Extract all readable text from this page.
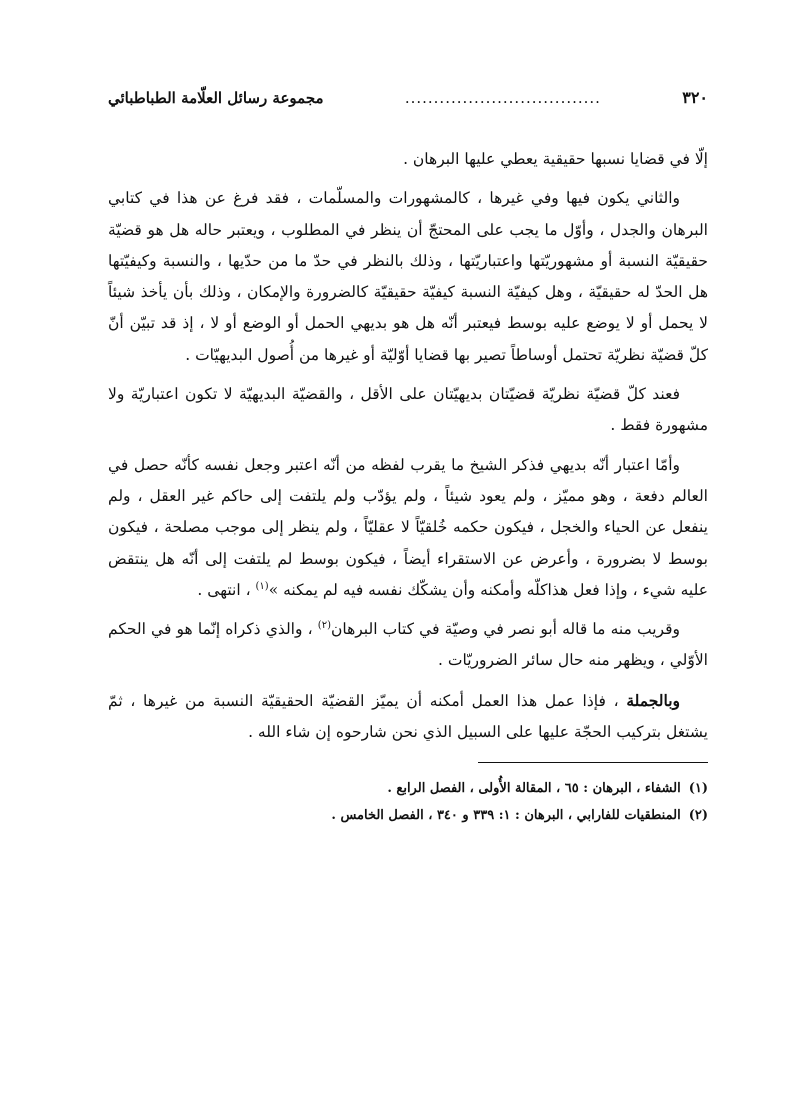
٣٢٠
..................................
مجموعة رسائل العلّامة الطباطبائي

إلّا في قضايا نسبها حقيقية يعطي عليها البرهان .

والثاني يكون فيها وفي غيرها ، كالمشهورات والمسلّمات ، فقد فرغ عن هذا في كتابي البرهان والجدل ، وأوّل ما يجب على المحتجّ أن ينظر في المطلوب ، ويعتبر حاله هل هو قضيّة حقيقيّة النسبة أو مشهوريّتها واعتباريّتها ، وذلك بالنظر في حدّ ما من حدّيها ، والنسبة وكيفيّتها هل الحدّ له حقيقيّة ، وهل كيفيّة النسبة كيفيّة حقيقيّة كالضرورة والإمكان ، وذلك بأن يأخذ شيئاً لا يحمل أو لا يوضع عليه بوسط فيعتبر أنّه هل هو بديهي الحمل أو الوضع أو لا ، إذ قد تبيّن أنّ كلّ قضيّة نظريّة تحتمل أوساطاً تصير بها قضايا أوّليّة أو غيرها من أُصول البديهيّات .

فعند كلّ قضيّة نظريّة قضيّتان بديهيّتان على الأقل ، والقضيّة البديهيّة لا تكون اعتباريّة ولا مشهورة فقط .

وأمّا اعتبار أنّه بديهي فذكر الشيخ ما يقرب لفظه من أنّه اعتبر وجعل نفسه كأنّه حصل في العالم دفعة ، وهو مميّز ، ولم يعود شيئاً ، ولم يؤدّب ولم يلتفت إلى حاكم غير العقل ، ولم ينفعل عن الحياء والخجل ، فيكون حكمه خُلقيّاً لا عقليّاً ، ولم ينظر إلى موجب مصلحة ، فيكون بوسط لا بضرورة ، وأعرض عن الاستقراء أيضاً ، فيكون بوسط لم يلتفت إلى أنّه هل ينتقض عليه شيء ، وإذا فعل هذاكلّه وأمكنه وأن يشكّك نفسه فيه لم يمكنه »$^{(١)}$ ، انتهى .

وقريب منه ما قاله أبو نصر في وصيّة في كتاب البرهان$^{(٢)}$ ، والذي ذكراه إنّما هو في الحكم الأوّلي ، ويظهر منه حال سائر الضروريّات .

وبالجملة ، فإذا عمل هذا العمل أمكنه أن يميّز القضيّة الحقيقيّة النسبة من غيرها ، ثمّ يشتغل بتركيب الحجّة عليها على السبيل الذي نحن شارحوه إن شاء الله .

(١)
الشفاء ، البرهان : ٦٥ ، المقالة الأُولى ، الفصل الرابع .
(٢)
المنطقيات للفارابي ، البرهان : ١: ٣٣٩ و ٣٤٠ ، الفصل الخامس .
